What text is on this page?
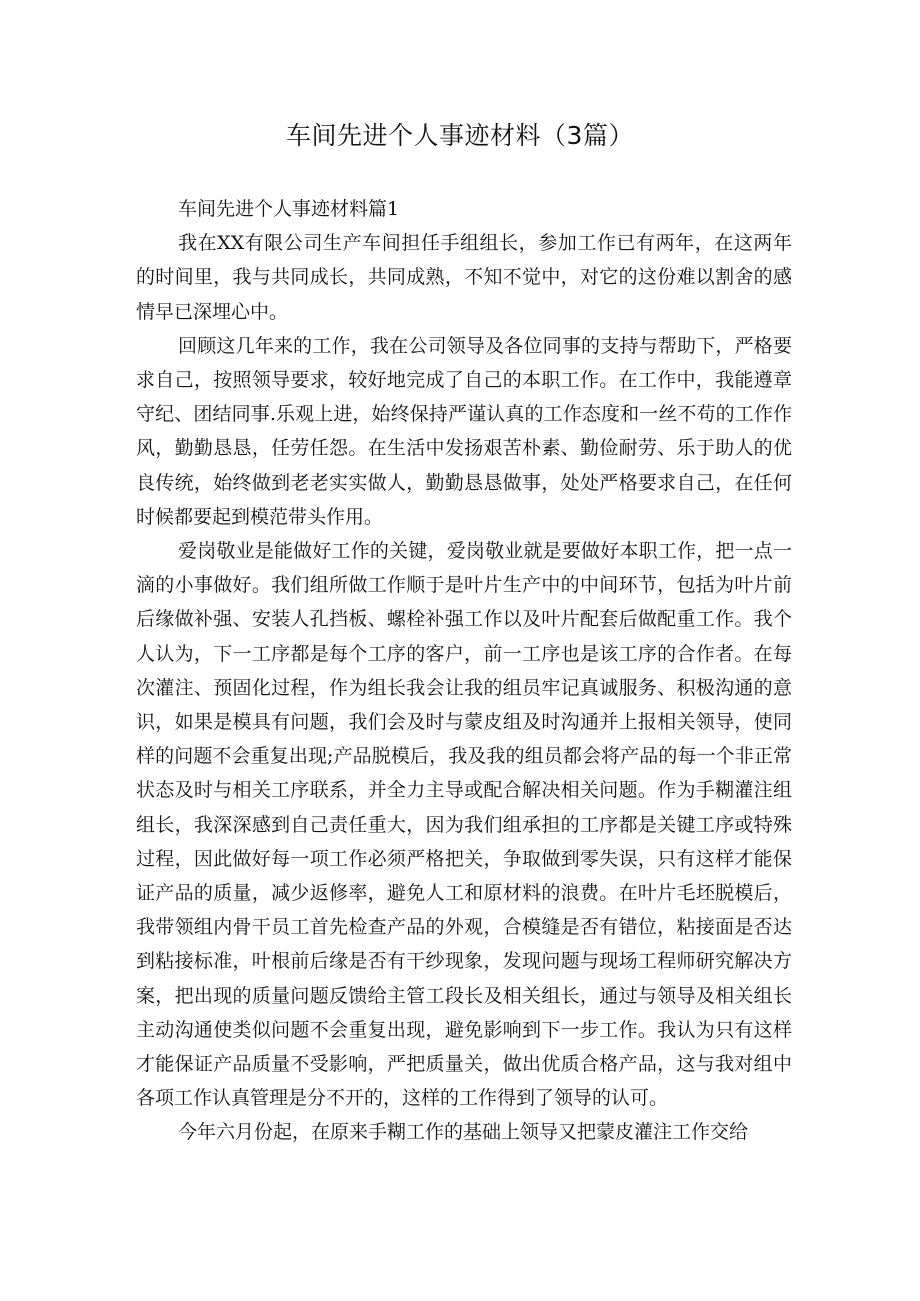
车间先进个人事迹材料（3篇）

车间先进个人事迹材料篇1

我在XX有限公司生产车间担任手组组长，参加工作已有两年，在这两年的时间里，我与共同成长，共同成熟，不知不觉中，对它的这份难以割舍的感情早已深埋心中。

回顾这几年来的工作，我在公司领导及各位同事的支持与帮助下，严格要求自己，按照领导要求，较好地完成了自己的本职工作。在工作中，我能遵章守纪、团结同事.乐观上进，始终保持严谨认真的工作态度和一丝不苟的工作作风，勤勤恳恳，任劳任怨。在生活中发扬艰苦朴素、勤俭耐劳、乐于助人的优良传统，始终做到老老实实做人，勤勤恳恳做事，处处严格要求自己，在任何时候都要起到模范带头作用。

爱岗敬业是能做好工作的关键，爱岗敬业就是要做好本职工作，把一点一滴的小事做好。我们组所做工作顺于是叶片生产中的中间环节，包括为叶片前后缘做补强、安装人孔挡板、螺栓补强工作以及叶片配套后做配重工作。我个人认为，下一工序都是每个工序的客户，前一工序也是该工序的合作者。在每次灌注、预固化过程，作为组长我会让我的组员牢记真诚服务、积极沟通的意识，如果是模具有问题，我们会及时与蒙皮组及时沟通并上报相关领导，使同样的问题不会重复出现;产品脱模后，我及我的组员都会将产品的每一个非正常状态及时与相关工序联系，并全力主导或配合解决相关问题。作为手糊灌注组组长，我深深感到自己责任重大，因为我们组承担的工序都是关键工序或特殊过程，因此做好每一项工作必须严格把关，争取做到零失误，只有这样才能保证产品的质量，减少返修率，避免人工和原材料的浪费。在叶片毛坯脱模后，我带领组内骨干员工首先检查产品的外观，合模缝是否有错位，粘接面是否达到粘接标准，叶根前后缘是否有干纱现象，发现问题与现场工程师研究解决方案，把出现的质量问题反馈给主管工段长及相关组长，通过与领导及相关组长主动沟通使类似问题不会重复出现，避免影响到下一步工作。我认为只有这样才能保证产品质量不受影响，严把质量关，做出优质合格产品，这与我对组中各项工作认真管理是分不开的，这样的工作得到了领导的认可。

今年六月份起，在原来手糊工作的基础上领导又把蒙皮灌注工作交给
